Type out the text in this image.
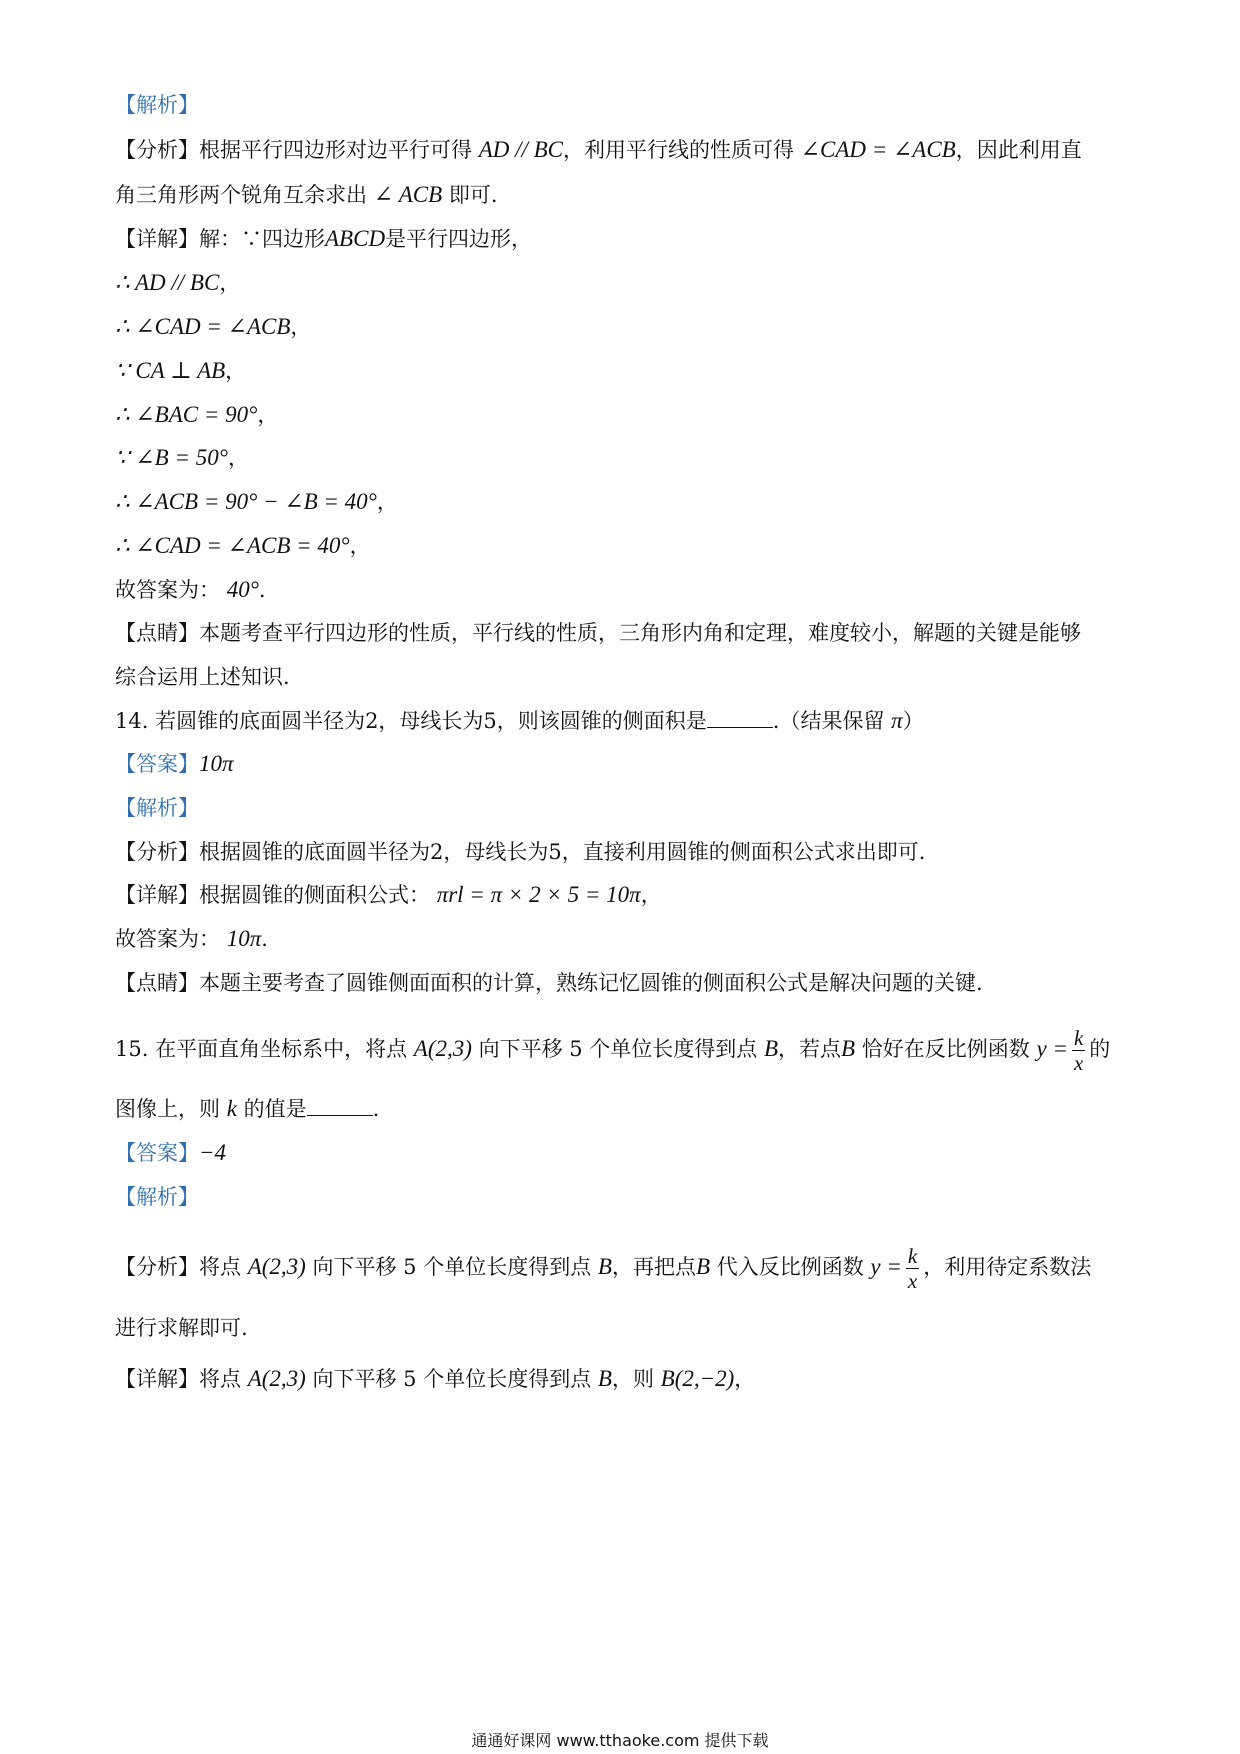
【解析】
【分析】根据平行四边形对边平行可得 AD // BC，利用平行线的性质可得 ∠CAD = ∠ACB，因此利用直
角三角形两个锐角互余求出 ∠ ACB 即可.
【详解】解：∵四边形ABCD是平行四边形，
∴ AD // BC，
∴ ∠CAD = ∠ACB，
∵ CA ⊥ AB，
∴ ∠BAC = 90°，
∵ ∠B = 50°，
∴ ∠ACB = 90° − ∠B = 40°，
∴ ∠CAD = ∠ACB = 40°，
故答案为： 40°.
【点睛】本题考查平行四边形的性质，平行线的性质，三角形内角和定理，难度较小，解题的关键是能够
综合运用上述知识.
14. 若圆锥的底面圆半径为2，母线长为5，则该圆锥的侧面积是	.（结果保留 π）
【答案】10π
【解析】
【分析】根据圆锥的底面圆半径为2，母线长为5，直接利用圆锥的侧面积公式求出即可.
【详解】根据圆锥的侧面积公式： πrl = π × 2 × 5 = 10π，
故答案为： 10π.
【点睛】本题主要考查了圆锥侧面面积的计算，熟练记忆圆锥的侧面积公式是解决问题的关键.
15. 在平面直角坐标系中，将点 A(2,3) 向下平移 5 个单位长度得到点 B，若点B 恰好在反比例函数 $y = \frac{k}{x}$ 的
图像上，则 k 的值是	.
【答案】−4
【解析】
【分析】将点 A(2,3) 向下平移 5 个单位长度得到点 B，再把点B 代入反比例函数 $y = \frac{k}{x}$ ，利用待定系数法
进行求解即可.
【详解】将点 A(2,3) 向下平移 5 个单位长度得到点 B，则 B(2,−2)，
通通好课网 www.tthaoke.com 提供下载
